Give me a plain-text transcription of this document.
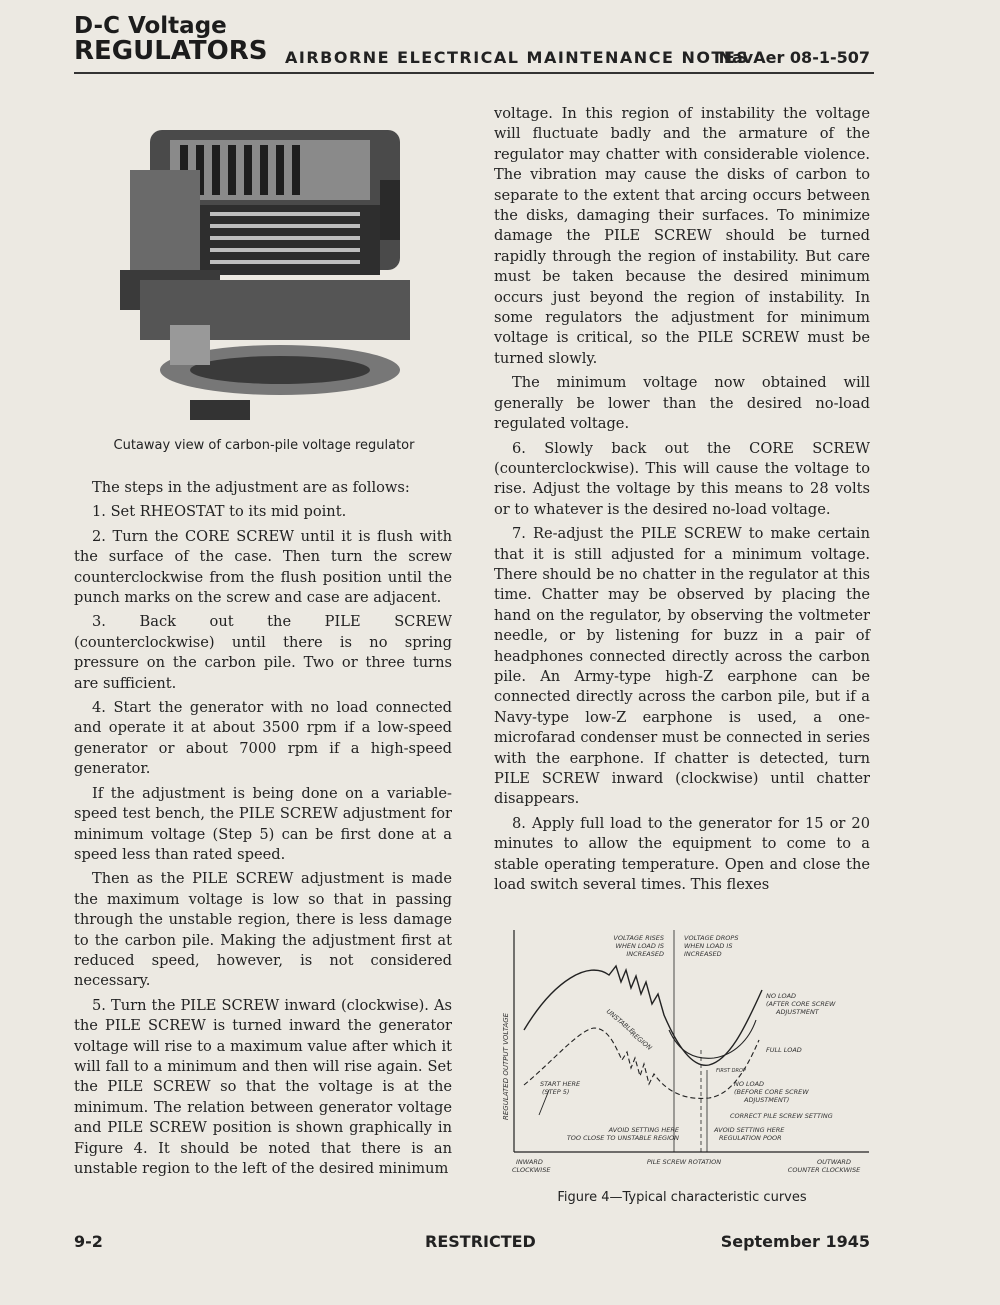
D-C Voltage
REGULATORS AIRBORNE ELECTRICAL MAINTENANCE NOTES
NavAer 08-1-507
Cutaway view of carbon-pile voltage regulator

The steps in the adjustment are as follows:

1. Set RHEOSTAT to its mid point.

2. Turn the CORE SCREW until it is flush with the surface of the case. Then turn the screw counterclockwise from the flush position until the punch marks on the screw and case are adjacent.

3. Back out the PILE SCREW (counterclockwise) until there is no spring pressure on the carbon pile. Two or three turns are sufficient.

4. Start the generator with no load connected and operate it at about 3500 rpm if a low-speed generator or about 7000 rpm if a high-speed generator.

If the adjustment is being done on a variable-speed test bench, the PILE SCREW adjustment for minimum voltage (Step 5) can be first done at a speed less than rated speed.

Then as the PILE SCREW adjustment is made the maximum voltage is low so that in passing through the unstable region, there is less damage to the carbon pile. Making the adjustment first at reduced speed, however, is not considered necessary.

5. Turn the PILE SCREW inward (clockwise). As the PILE SCREW is turned inward the generator voltage will rise to a maximum value after which it will fall to a minimum and then will rise again. Set the PILE SCREW so that the voltage is at the minimum. The relation between generator voltage and PILE SCREW position is shown graphically in Figure 4. It should be noted that there is an unstable region to the left of the desired minimum

voltage. In this region of instability the voltage will fluctuate badly and the armature of the regulator may chatter with considerable violence. The vibration may cause the disks of carbon to separate to the extent that arcing occurs between the disks, damaging their surfaces. To minimize damage the PILE SCREW should be turned rapidly through the region of instability. But care must be taken because the desired minimum occurs just beyond the region of instability. In some regulators the adjustment for minimum voltage is critical, so the PILE SCREW must be turned slowly.

The minimum voltage now obtained will generally be lower than the desired no-load regulated voltage.

6. Slowly back out the CORE SCREW (counterclockwise). This will cause the voltage to rise. Adjust the voltage by this means to 28 volts or to whatever is the desired no-load voltage.

7. Re-adjust the PILE SCREW to make certain that it is still adjusted for a minimum voltage. There should be no chatter in the regulator at this time. Chatter may be observed by placing the hand on the regulator, by observing the voltmeter needle, or by listening for buzz in a pair of headphones connected directly across the carbon pile. An Army-type high-Z earphone can be connected directly across the carbon pile, but if a Navy-type low-Z earphone is used, a one-microfarad condenser must be connected in series with the earphone. If chatter is detected, turn PILE SCREW inward (clockwise) until chatter disappears.

8. Apply full load to the generator for 15 or 20 minutes to allow the equipment to come to a stable operating temperature. Open and close the load switch several times. This flexes

REGULATED OUTPUT VOLTAGE
VOLTAGE RISES
WHEN LOAD IS
INCREASED
VOLTAGE DROPS
WHEN LOAD IS
INCREASED
NO LOAD
(AFTER CORE SCREW
ADJUSTMENT
FULL LOAD
FIRST DROP
NO LOAD
(BEFORE CORE SCREW
ADJUSTMENT)
UNSTABLE
REGION
START HERE
(STEP 5)
CORRECT PILE SCREW SETTING
AVOID SETTING HERE
TOO CLOSE TO UNSTABLE REGION
AVOID SETTING HERE
REGULATION POOR
INWARD
CLOCKWISE
PILE SCREW ROTATION	OUTWARD
COUNTER CLOCKWISE
Figure 4—Typical characteristic curves
9-2	RESTRICTED	September 1945
